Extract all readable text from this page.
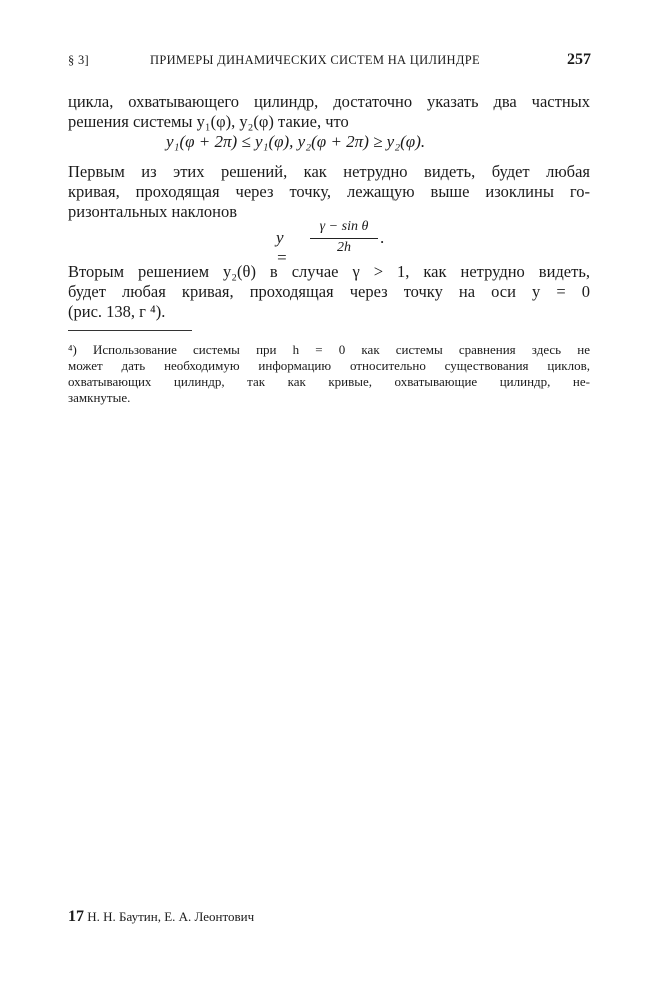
§ 3]	ПРИМЕРЫ ДИНАМИЧЕСКИХ СИСТЕМ НА ЦИЛИНДРЕ	257
цикла, охватывающего цилиндр, достаточно указать два частных
решения системы y₁(φ), y₂(φ) такие, что
y₁(φ + 2π) ≤ y₁(φ), y₂(φ + 2π) ≥ y₂(φ).
Первым из этих решений, как нетрудно видеть, будет любая
кривая, проходящая через точку, лежащую выше изоклины го-
ризонтальных наклонов
y =
γ − sin θ
2h
.
Вторым решением y₂(θ) в случае γ > 1, как нетрудно видеть,
будет любая кривая, проходящая через точку на оси y = 0
(рис. 138, г ⁴).
⁴) Использование системы при h = 0 как системы сравнения здесь не
может дать необходимую информацию относительно существования циклов,
охватывающих цилиндр, так как кривые, охватывающие цилиндр, не-
замкнутые.
17 Н. Н. Баутин, Е. А. Леонтович
